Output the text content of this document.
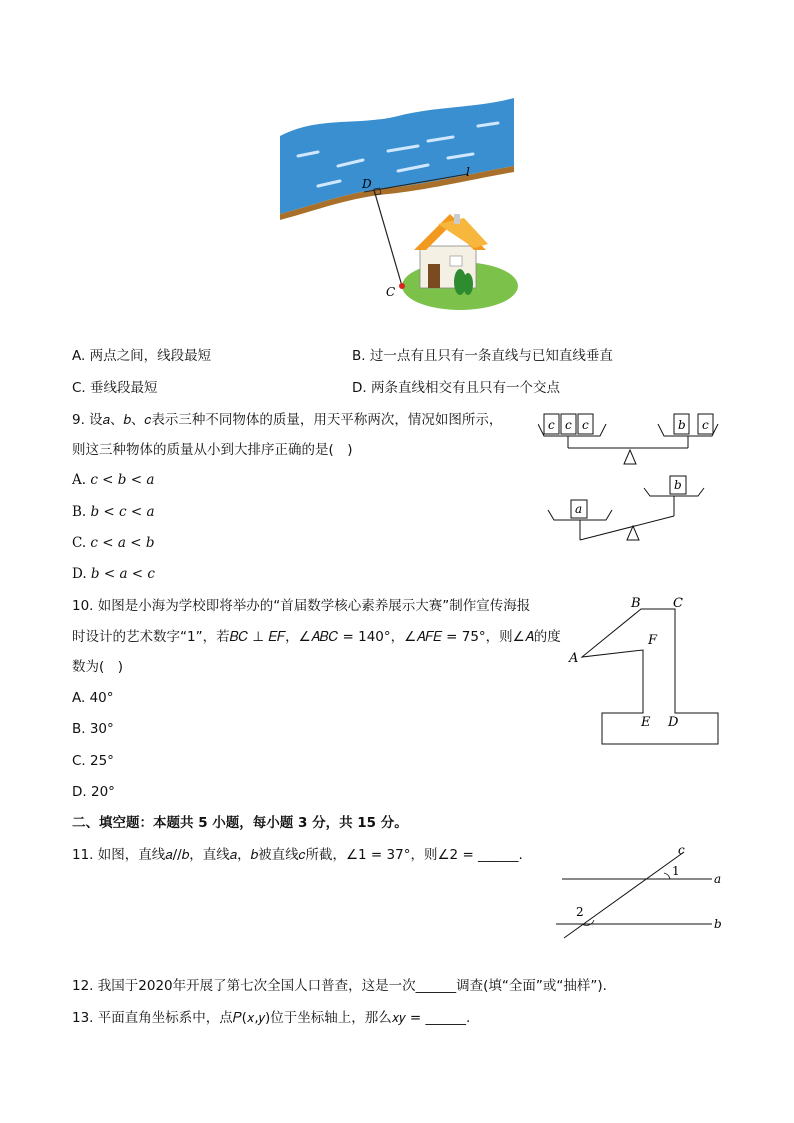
D
l
C
A. 两点之间，线段最短	B. 过一点有且只有一条直线与已知直线垂直
C. 垂线段最短	D. 两条直线相交有且只有一个交点
9. 设𝑎、𝑏、𝑐表示三种不同物体的质量，用天平称两次，情况如图所示，
则这三种物体的质量从小到大排序正确的是(　)
A. 𝑐 < 𝑏 < 𝑎
B. 𝑏 < 𝑐 < 𝑎
C. 𝑐 < 𝑎 < 𝑏
D. 𝑏 < 𝑎 < 𝑐
c c c	b c
a
b
10. 如图是小海为学校即将举办的“首届数学核心素养展示大赛”制作宣传海报
时设计的艺术数字“1”，若𝐵𝐶 ⊥ 𝐸𝐹，∠𝐴𝐵𝐶 = 140°，∠𝐴𝐹𝐸 = 75°，则∠𝐴的度
数为(　)
A. 40°
B. 30°
C. 25°
D. 20°
B C
F
A
E D
二、填空题：本题共 5 小题，每小题 3 分，共 15 分。
11. 如图，直线𝑎//𝑏，直线𝑎，𝑏被直线𝑐所截，∠1 = 37°，则∠2 = ______.	c
a
b
1
2
12. 我国于2020年开展了第七次全国人口普查，这是一次______调查(填“全面”或“抽样”).
13. 平面直角坐标系中，点𝑃(𝑥,𝑦)位于坐标轴上，那么𝑥𝑦 = ______.
